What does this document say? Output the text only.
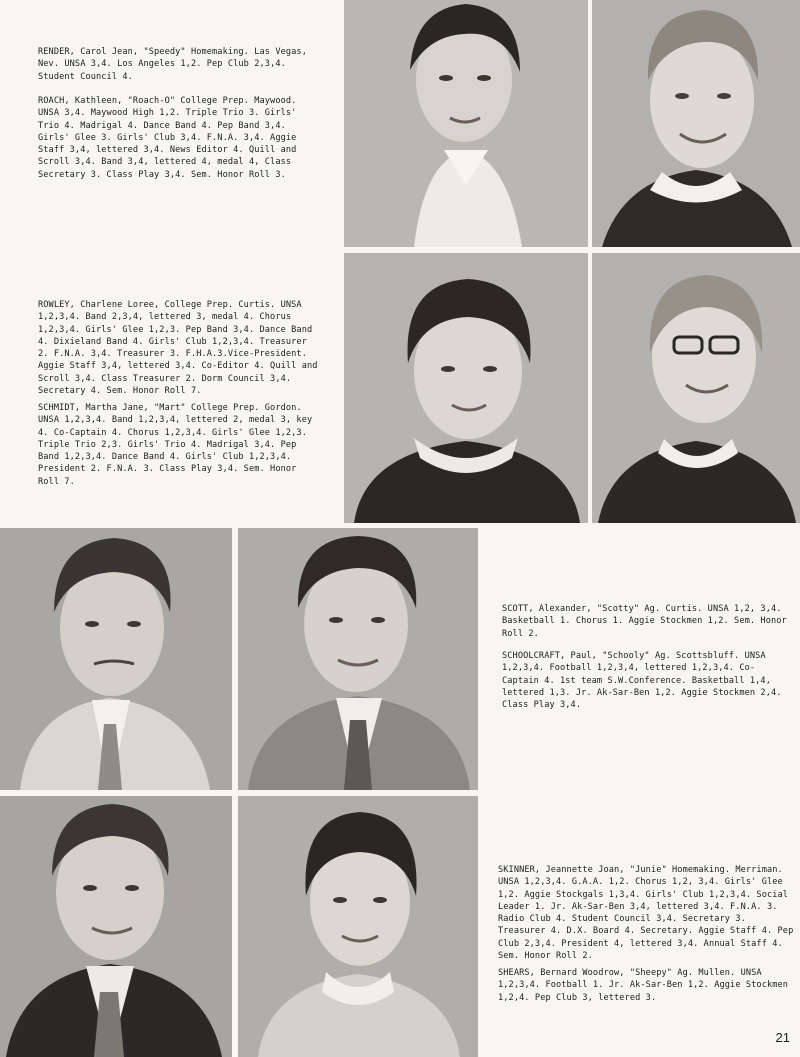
RENDER, Carol Jean, "Speedy" Homemaking. Las Vegas, Nev. UNSA 3,4. Los Angeles 1,2. Pep Club 2,3,4. Student Council 4.

ROACH, Kathleen, "Roach-O" College Prep. Maywood. UNSA 3,4. Maywood High 1,2. Triple Trio 3. Girls' Trio 4. Madrigal 4. Dance Band 4. Pep Band 3,4. Girls' Glee 3. Girls' Club 3,4. F.N.A. 3,4. Aggie Staff 3,4, lettered 3,4. News Editor 4. Quill and Scroll 3,4. Band 3,4, lettered 4, medal 4, Class Secretary 3. Class Play 3,4. Sem. Honor Roll 3.

ROWLEY, Charlene Loree, College Prep. Curtis. UNSA 1,2,3,4. Band 2,3,4, lettered 3, medal 4. Chorus 1,2,3,4. Girls' Glee 1,2,3. Pep Band 3,4. Dance Band 4. Dixieland Band 4. Girls' Club 1,2,3,4. Treasurer 2. F.N.A. 3,4. Treasurer 3. F.H.A.3.Vice-President. Aggie Staff 3,4, lettered 3,4. Co-Editor 4. Quill and Scroll 3,4. Class Treasurer 2. Dorm Council 3,4. Secretary 4. Sem. Honor Roll 7.

SCHMIDT, Martha Jane, "Mart" College Prep. Gordon. UNSA 1,2,3,4. Band 1,2,3,4, lettered 2, medal 3, key 4. Co-Captain 4. Chorus 1,2,3,4. Girls' Glee 1,2,3. Triple Trio 2,3. Girls' Trio 4. Madrigal 3,4. Pep Band 1,2,3,4. Dance Band 4. Girls' Club 1,2,3,4. President 2. F.N.A. 3. Class Play 3,4. Sem. Honor Roll 7.

SCOTT, Alexander, "Scotty" Ag. Curtis. UNSA 1,2, 3,4. Basketball 1. Chorus 1. Aggie Stockmen 1,2. Sem. Honor Roll 2.

SCHOOLCRAFT, Paul, "Schooly" Ag. Scottsbluff. UNSA 1,2,3,4. Football 1,2,3,4, lettered 1,2,3,4. Co-Captain 4. 1st team S.W.Conference. Basketball 1,4, lettered 1,3. Jr. Ak-Sar-Ben 1,2. Aggie Stockmen 2,4. Class Play 3,4.

SKINNER, Jeannette Joan, "Junie" Homemaking. Merriman. UNSA 1,2,3,4. G.A.A. 1,2. Chorus 1,2, 3,4. Girls' Glee 1,2. Aggie Stockgals 1,3,4. Girls' Club 1,2,3,4. Social Leader 1. Jr. Ak-Sar-Ben 3,4, lettered 3,4. F.N.A. 3. Radio Club 4. Student Council 3,4. Secretary 3. Treasurer 4. D.X. Board 4. Secretary. Aggie Staff 4. Pep Club 2,3,4. President 4, lettered 3,4. Annual Staff 4. Sem. Honor Roll 2.

SHEARS, Bernard Woodrow, "Sheepy" Ag. Mullen. UNSA 1,2,3,4. Football 1. Jr. Ak-Sar-Ben 1,2. Aggie Stockmen 1,2,4. Pep Club 3, lettered 3.

21
